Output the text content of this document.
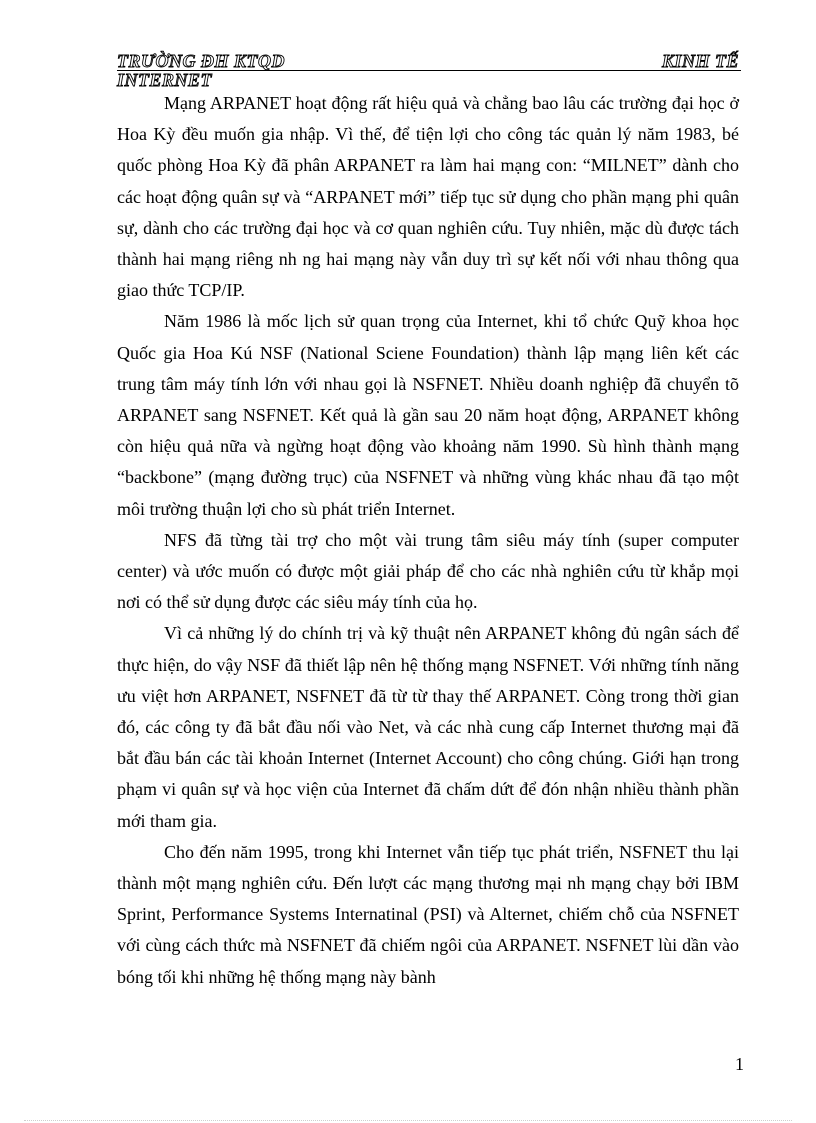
TRƯỜNG ĐH KTQD	KINH TẾ
INTERNET

Mạng ARPANET hoạt động rất hiệu quả và chẳng bao lâu các trường đại học ở Hoa Kỳ đều muốn gia nhập. Vì thế, để tiện lợi cho công tác quản lý năm 1983, bé quốc phòng Hoa Kỳ đã phân ARPANET ra làm hai mạng con: “MILNET” dành cho các hoạt động quân sự và “ARPANET mới” tiếp tục sử dụng cho phần mạng phi quân sự, dành cho các trường đại học và cơ quan nghiên cứu. Tuy nhiên, mặc dù được tách thành hai mạng riêng nh ng hai mạng này vẫn duy trì sự kết nối với nhau thông qua giao thức TCP/IP.

Năm 1986 là mốc lịch sử quan trọng của Internet, khi tổ chức Quỹ khoa học Quốc gia Hoa Kú NSF (National Sciene Foundation) thành lập mạng liên kết các trung tâm máy tính lớn với nhau gọi là NSFNET. Nhiều doanh nghiệp đã chuyển tõ ARPANET sang NSFNET. Kết quả là gần sau 20 năm hoạt động, ARPANET không còn hiệu quả nữa và ngừng hoạt động vào khoảng năm 1990. Sù hình thành mạng “backbone” (mạng đường trục) của NSFNET và những vùng khác nhau đã tạo một môi trường thuận lợi cho sù phát triển Internet.

NFS đã từng tài trợ cho một vài trung tâm siêu máy tính (super computer center) và ước muốn có được một giải pháp để cho các nhà nghiên cứu từ khắp mọi nơi có thể sử dụng được các siêu máy tính của họ.

Vì cả những lý do chính trị và kỹ thuật nên ARPANET không đủ ngân sách để thực hiện, do vậy NSF đã thiết lập nên hệ thống mạng NSFNET. Với những tính năng ưu việt hơn ARPANET, NSFNET đã từ từ thay thế ARPANET. Còng trong thời gian đó, các công ty đã bắt đầu nối vào Net, và các nhà cung cấp Internet thương mại đã bắt đầu bán các tài khoản Internet (Internet Account) cho công chúng. Giới hạn trong phạm vi quân sự và học viện của Internet đã chấm dứt để đón nhận nhiều thành phần mới tham gia.

Cho đến năm 1995, trong khi Internet vẫn tiếp tục phát triển, NSFNET thu lại thành một mạng nghiên cứu. Đến lượt các mạng thương mại nh mạng chạy bởi IBM Sprint, Performance Systems Internatinal (PSI) và Alternet, chiếm chỗ của NSFNET với cùng cách thức mà NSFNET đã chiếm ngôi của ARPANET. NSFNET lùi dần vào bóng tối khi những hệ thống mạng này bành

1
